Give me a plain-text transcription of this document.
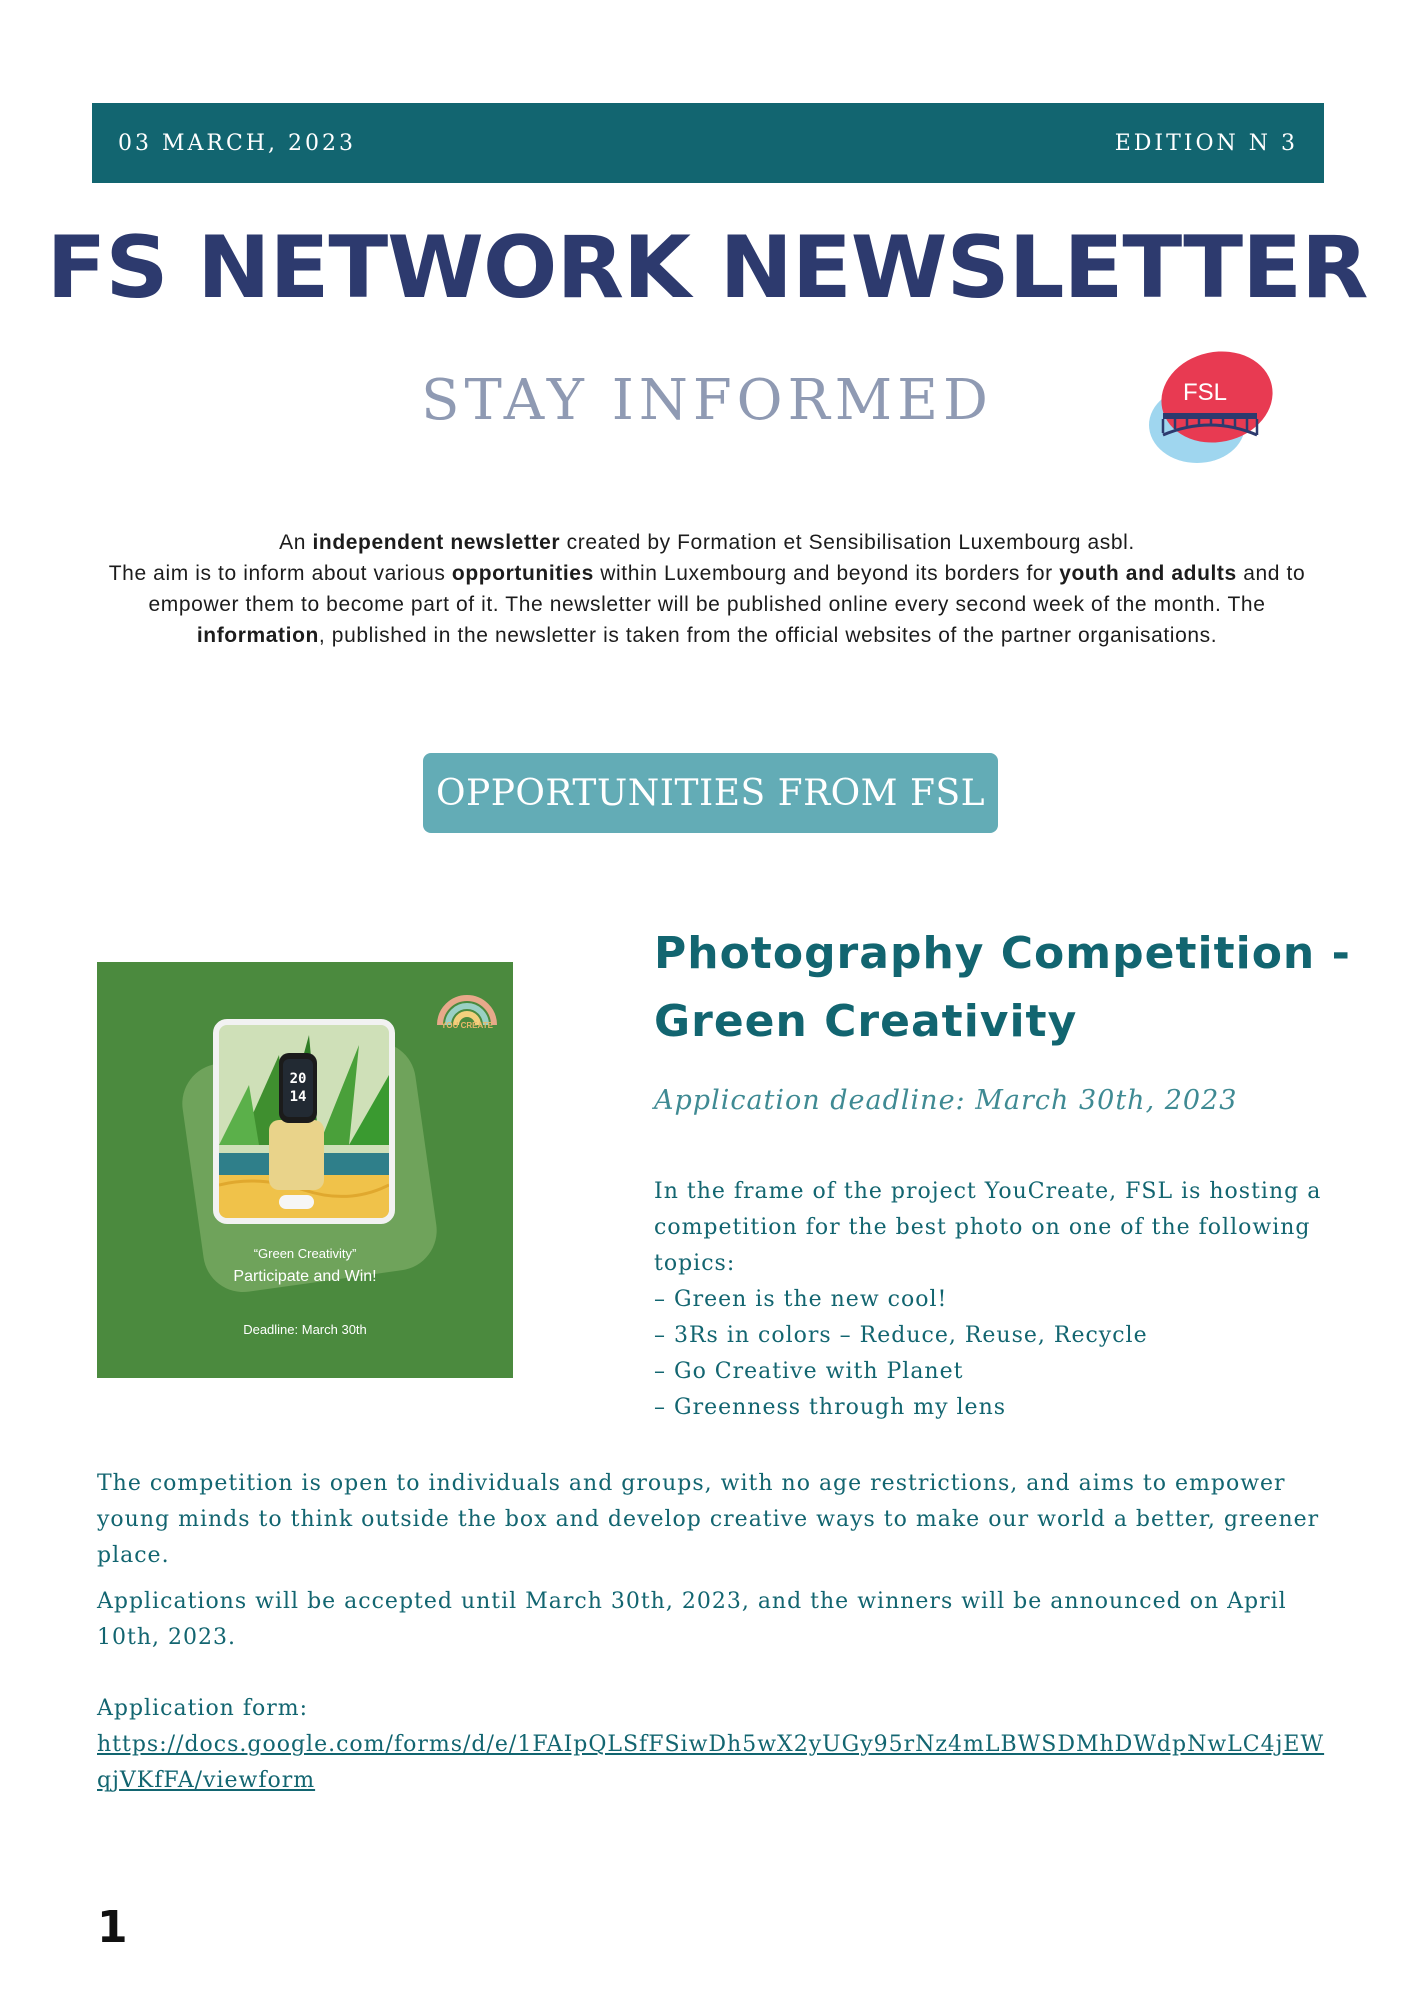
03 MARCH, 2023	EDITION N 3
FS NETWORK NEWSLETTER
STAY INFORMED	FSL

An independent newsletter created by Formation et Sensibilisation Luxembourg asbl.

The aim is to inform about various opportunities within Luxembourg and beyond its borders for youth and adults and to empower them to become part of it. The newsletter will be published online every second week of the month. The information, published in the newsletter is taken from the official websites of the partner organisations.

OPPORTUNITIES FROM FSL
YOU CREATE
20
14
“Green Creativity”
Participate and Win!
Deadline: March 30th
Photography Competition -
Green Creativity
Application deadline: March 30th, 2023

In the frame of the project YouCreate, FSL is hosting a competition for the best photo on one of the following topics:

– Green is the new cool!

– 3Rs in colors – Reduce, Reuse, Recycle

– Go Creative with Planet

– Greenness through my lens

The competition is open to individuals and groups, with no age restrictions, and aims to empower young minds to think outside the box and develop creative ways to make our world a better, greener place.

Applications will be accepted until March 30th, 2023, and the winners will be announced on April 10th, 2023.

Application form:
https://docs.google.com/forms/d/e/1FAIpQLSfFSiwDh5wX2yUGy95rNz4mLBWSDMhDWdpNwLC4jEWqjVKfFA/viewform
1
